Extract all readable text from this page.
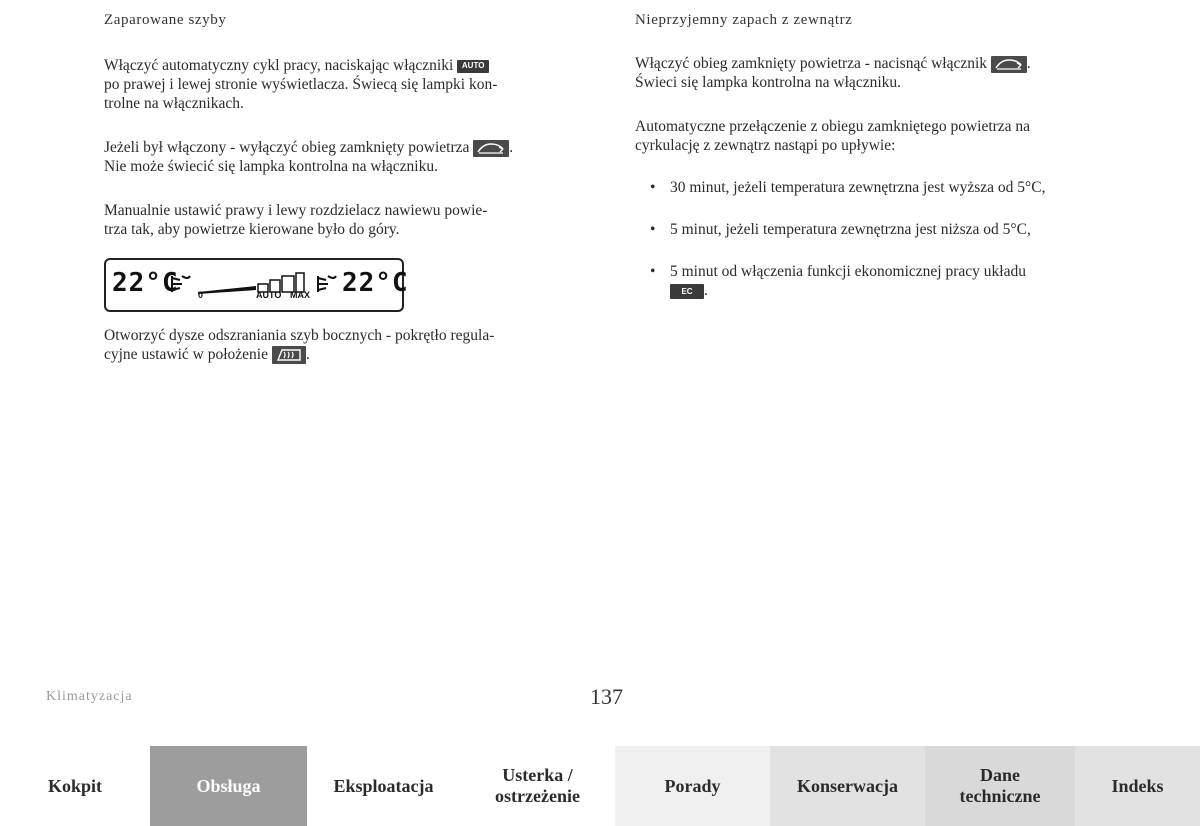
Zaparowane szyby
Włączyć automatyczny cykl pracy, naciskając włączniki AUTO
po prawej i lewej stronie wyświetlacza. Świecą się lampki kon-
trolne na włącznikach.
Jeżeli był włączony - wyłączyć obieg zamknięty powietrza	.
Nie może świecić się lampka kontrolna na włączniku.
Manualnie ustawić prawy i lewy rozdzielacz nawiewu powie-
trza tak, aby powietrze kierowane było do góry.
22°C 0	AUTO MAX 22°C
Otworzyć dysze odszraniania szyb bocznych - pokrętło regula-
cyjne ustawić w położenie .
Nieprzyjemny zapach z zewnątrz
Włączyć obieg zamknięty powietrza - nacisnąć włącznik	.
Świeci się lampka kontrolna na włączniku.
Automatyczne przełączenie z obiegu zamkniętego powietrza na
cyrkulację z zewnątrz nastąpi po upływie:
• 30 minut, jeżeli temperatura zewnętrzna jest wyższa od 5°C,
• 5 minut, jeżeli temperatura zewnętrzna jest niższa od 5°C,
• 5 minut od włączenia funkcji ekonomicznej pracy układu
EC .
Klimatyzacja	137
Kokpit	Obsługa	Eksploatacja
Usterka /
ostrzeżenie
Porady	Konserwacja
Dane
techniczne
Indeks
